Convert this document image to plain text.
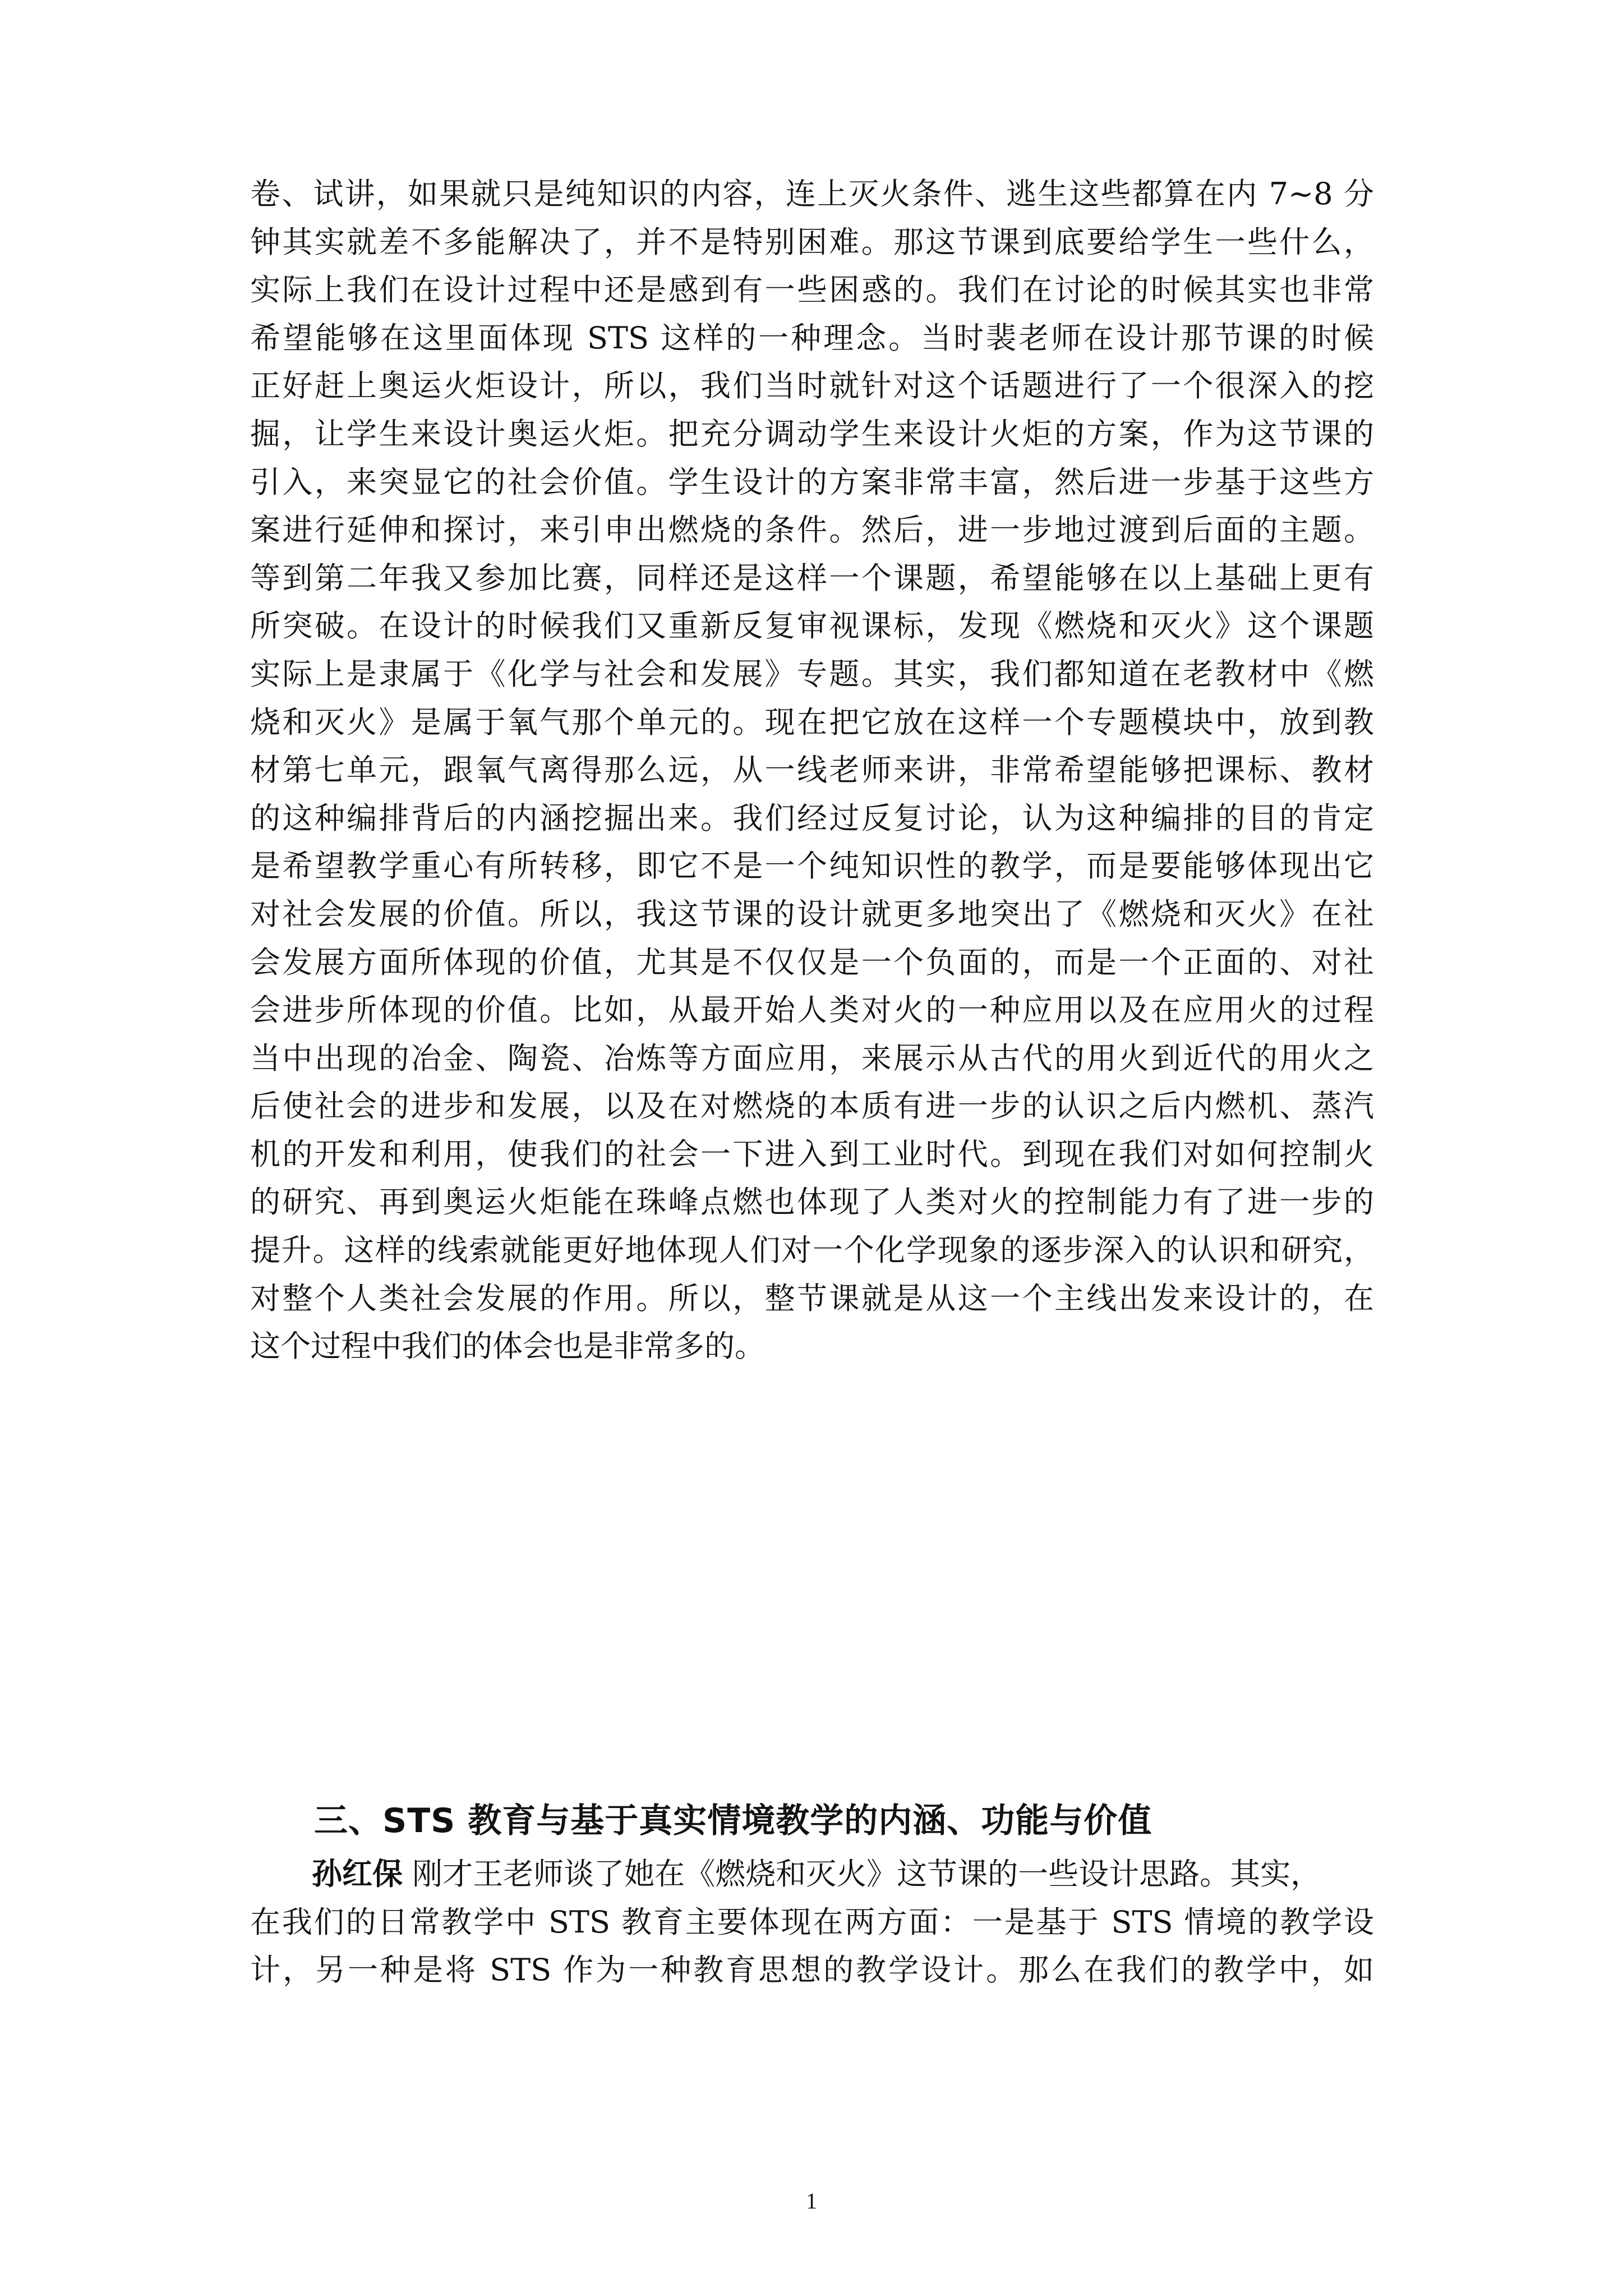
卷、试讲，如果就只是纯知识的内容，连上灭火条件、逃生这些都算在内 7~8 分
钟其实就差不多能解决了，并不是特别困难。那这节课到底要给学生一些什么，
实际上我们在设计过程中还是感到有一些困惑的。我们在讨论的时候其实也非常
希望能够在这里面体现 STS 这样的一种理念。当时裴老师在设计那节课的时候
正好赶上奥运火炬设计，所以，我们当时就针对这个话题进行了一个很深入的挖
掘，让学生来设计奥运火炬。把充分调动学生来设计火炬的方案，作为这节课的
引入，来突显它的社会价值。学生设计的方案非常丰富，然后进一步基于这些方
案进行延伸和探讨，来引申出燃烧的条件。然后，进一步地过渡到后面的主题。
等到第二年我又参加比赛，同样还是这样一个课题，希望能够在以上基础上更有
所突破。在设计的时候我们又重新反复审视课标，发现《燃烧和灭火》这个课题
实际上是隶属于《化学与社会和发展》专题。其实，我们都知道在老教材中《燃
烧和灭火》是属于氧气那个单元的。现在把它放在这样一个专题模块中，放到教
材第七单元，跟氧气离得那么远，从一线老师来讲，非常希望能够把课标、教材
的这种编排背后的内涵挖掘出来。我们经过反复讨论，认为这种编排的目的肯定
是希望教学重心有所转移，即它不是一个纯知识性的教学，而是要能够体现出它
对社会发展的价值。所以，我这节课的设计就更多地突出了《燃烧和灭火》在社
会发展方面所体现的价值，尤其是不仅仅是一个负面的，而是一个正面的、对社
会进步所体现的价值。比如，从最开始人类对火的一种应用以及在应用火的过程
当中出现的冶金、陶瓷、冶炼等方面应用，来展示从古代的用火到近代的用火之
后使社会的进步和发展，以及在对燃烧的本质有进一步的认识之后内燃机、蒸汽
机的开发和利用，使我们的社会一下进入到工业时代。到现在我们对如何控制火
的研究、再到奥运火炬能在珠峰点燃也体现了人类对火的控制能力有了进一步的
提升。这样的线索就能更好地体现人们对一个化学现象的逐步深入的认识和研究，
对整个人类社会发展的作用。所以，整节课就是从这一个主线出发来设计的，在
这个过程中我们的体会也是非常多的。
三、STS 教育与基于真实情境教学的内涵、功能与价值
孙红保 刚才王老师谈了她在《燃烧和灭火》这节课的一些设计思路。其实，
在我们的日常教学中 STS 教育主要体现在两方面：一是基于 STS 情境的教学设
计，另一种是将 STS 作为一种教育思想的教学设计。那么在我们的教学中，如
1
